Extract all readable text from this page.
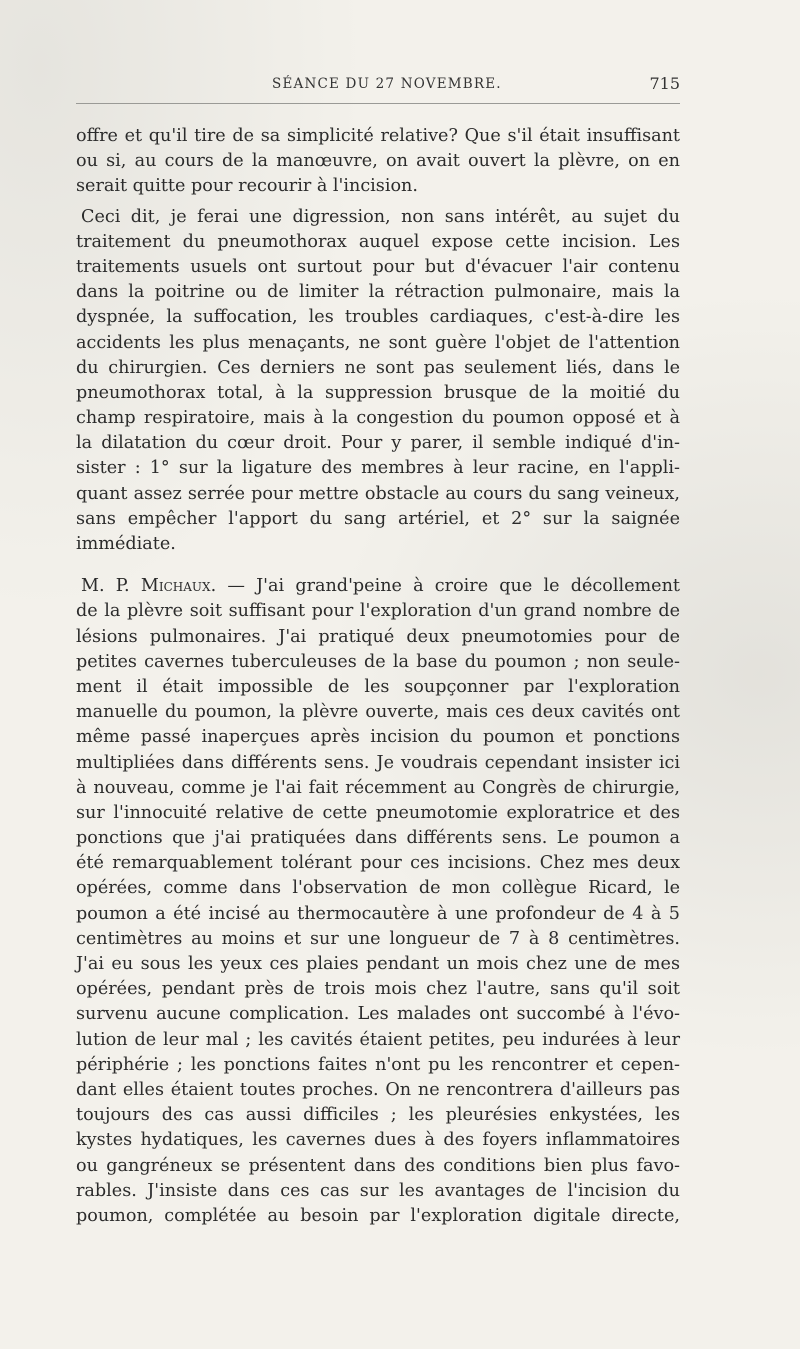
SÉANCE DU 27 NOVEMBRE.	715
offre et qu'il tire de sa simplicité relative? Que s'il était insuffisant
ou si, au cours de la manœuvre, on avait ouvert la plèvre, on en
serait quitte pour recourir à l'incision.
Ceci dit, je ferai une digression, non sans intérêt, au sujet du
traitement du pneumothorax auquel expose cette incision. Les
traitements usuels ont surtout pour but d'évacuer l'air contenu
dans la poitrine ou de limiter la rétraction pulmonaire, mais la
dyspnée, la suffocation, les troubles cardiaques, c'est-à-dire les
accidents les plus menaçants, ne sont guère l'objet de l'attention
du chirurgien. Ces derniers ne sont pas seulement liés, dans le
pneumothorax total, à la suppression brusque de la moitié du
champ respiratoire, mais à la congestion du poumon opposé et à
la dilatation du cœur droit. Pour y parer, il semble indiqué d'in-
sister : 1° sur la ligature des membres à leur racine, en l'appli-
quant assez serrée pour mettre obstacle au cours du sang veineux,
sans empêcher l'apport du sang artériel, et 2° sur la saignée
immédiate.
M. P. Michaux. — J'ai grand'peine à croire que le décollement
de la plèvre soit suffisant pour l'exploration d'un grand nombre de
lésions pulmonaires. J'ai pratiqué deux pneumotomies pour de
petites cavernes tuberculeuses de la base du poumon ; non seule-
ment il était impossible de les soupçonner par l'exploration
manuelle du poumon, la plèvre ouverte, mais ces deux cavités ont
même passé inaperçues après incision du poumon et ponctions
multipliées dans différents sens. Je voudrais cependant insister ici
à nouveau, comme je l'ai fait récemment au Congrès de chirurgie,
sur l'innocuité relative de cette pneumotomie exploratrice et des
ponctions que j'ai pratiquées dans différents sens. Le poumon a
été remarquablement tolérant pour ces incisions. Chez mes deux
opérées, comme dans l'observation de mon collègue Ricard, le
poumon a été incisé au thermocautère à une profondeur de 4 à 5
centimètres au moins et sur une longueur de 7 à 8 centimètres.
J'ai eu sous les yeux ces plaies pendant un mois chez une de mes
opérées, pendant près de trois mois chez l'autre, sans qu'il soit
survenu aucune complication. Les malades ont succombé à l'évo-
lution de leur mal ; les cavités étaient petites, peu indurées à leur
périphérie ; les ponctions faites n'ont pu les rencontrer et cepen-
dant elles étaient toutes proches. On ne rencontrera d'ailleurs pas
toujours des cas aussi difficiles ; les pleurésies enkystées, les
kystes hydatiques, les cavernes dues à des foyers inflammatoires
ou gangréneux se présentent dans des conditions bien plus favo-
rables. J'insiste dans ces cas sur les avantages de l'incision du
poumon, complétée au besoin par l'exploration digitale directe,
